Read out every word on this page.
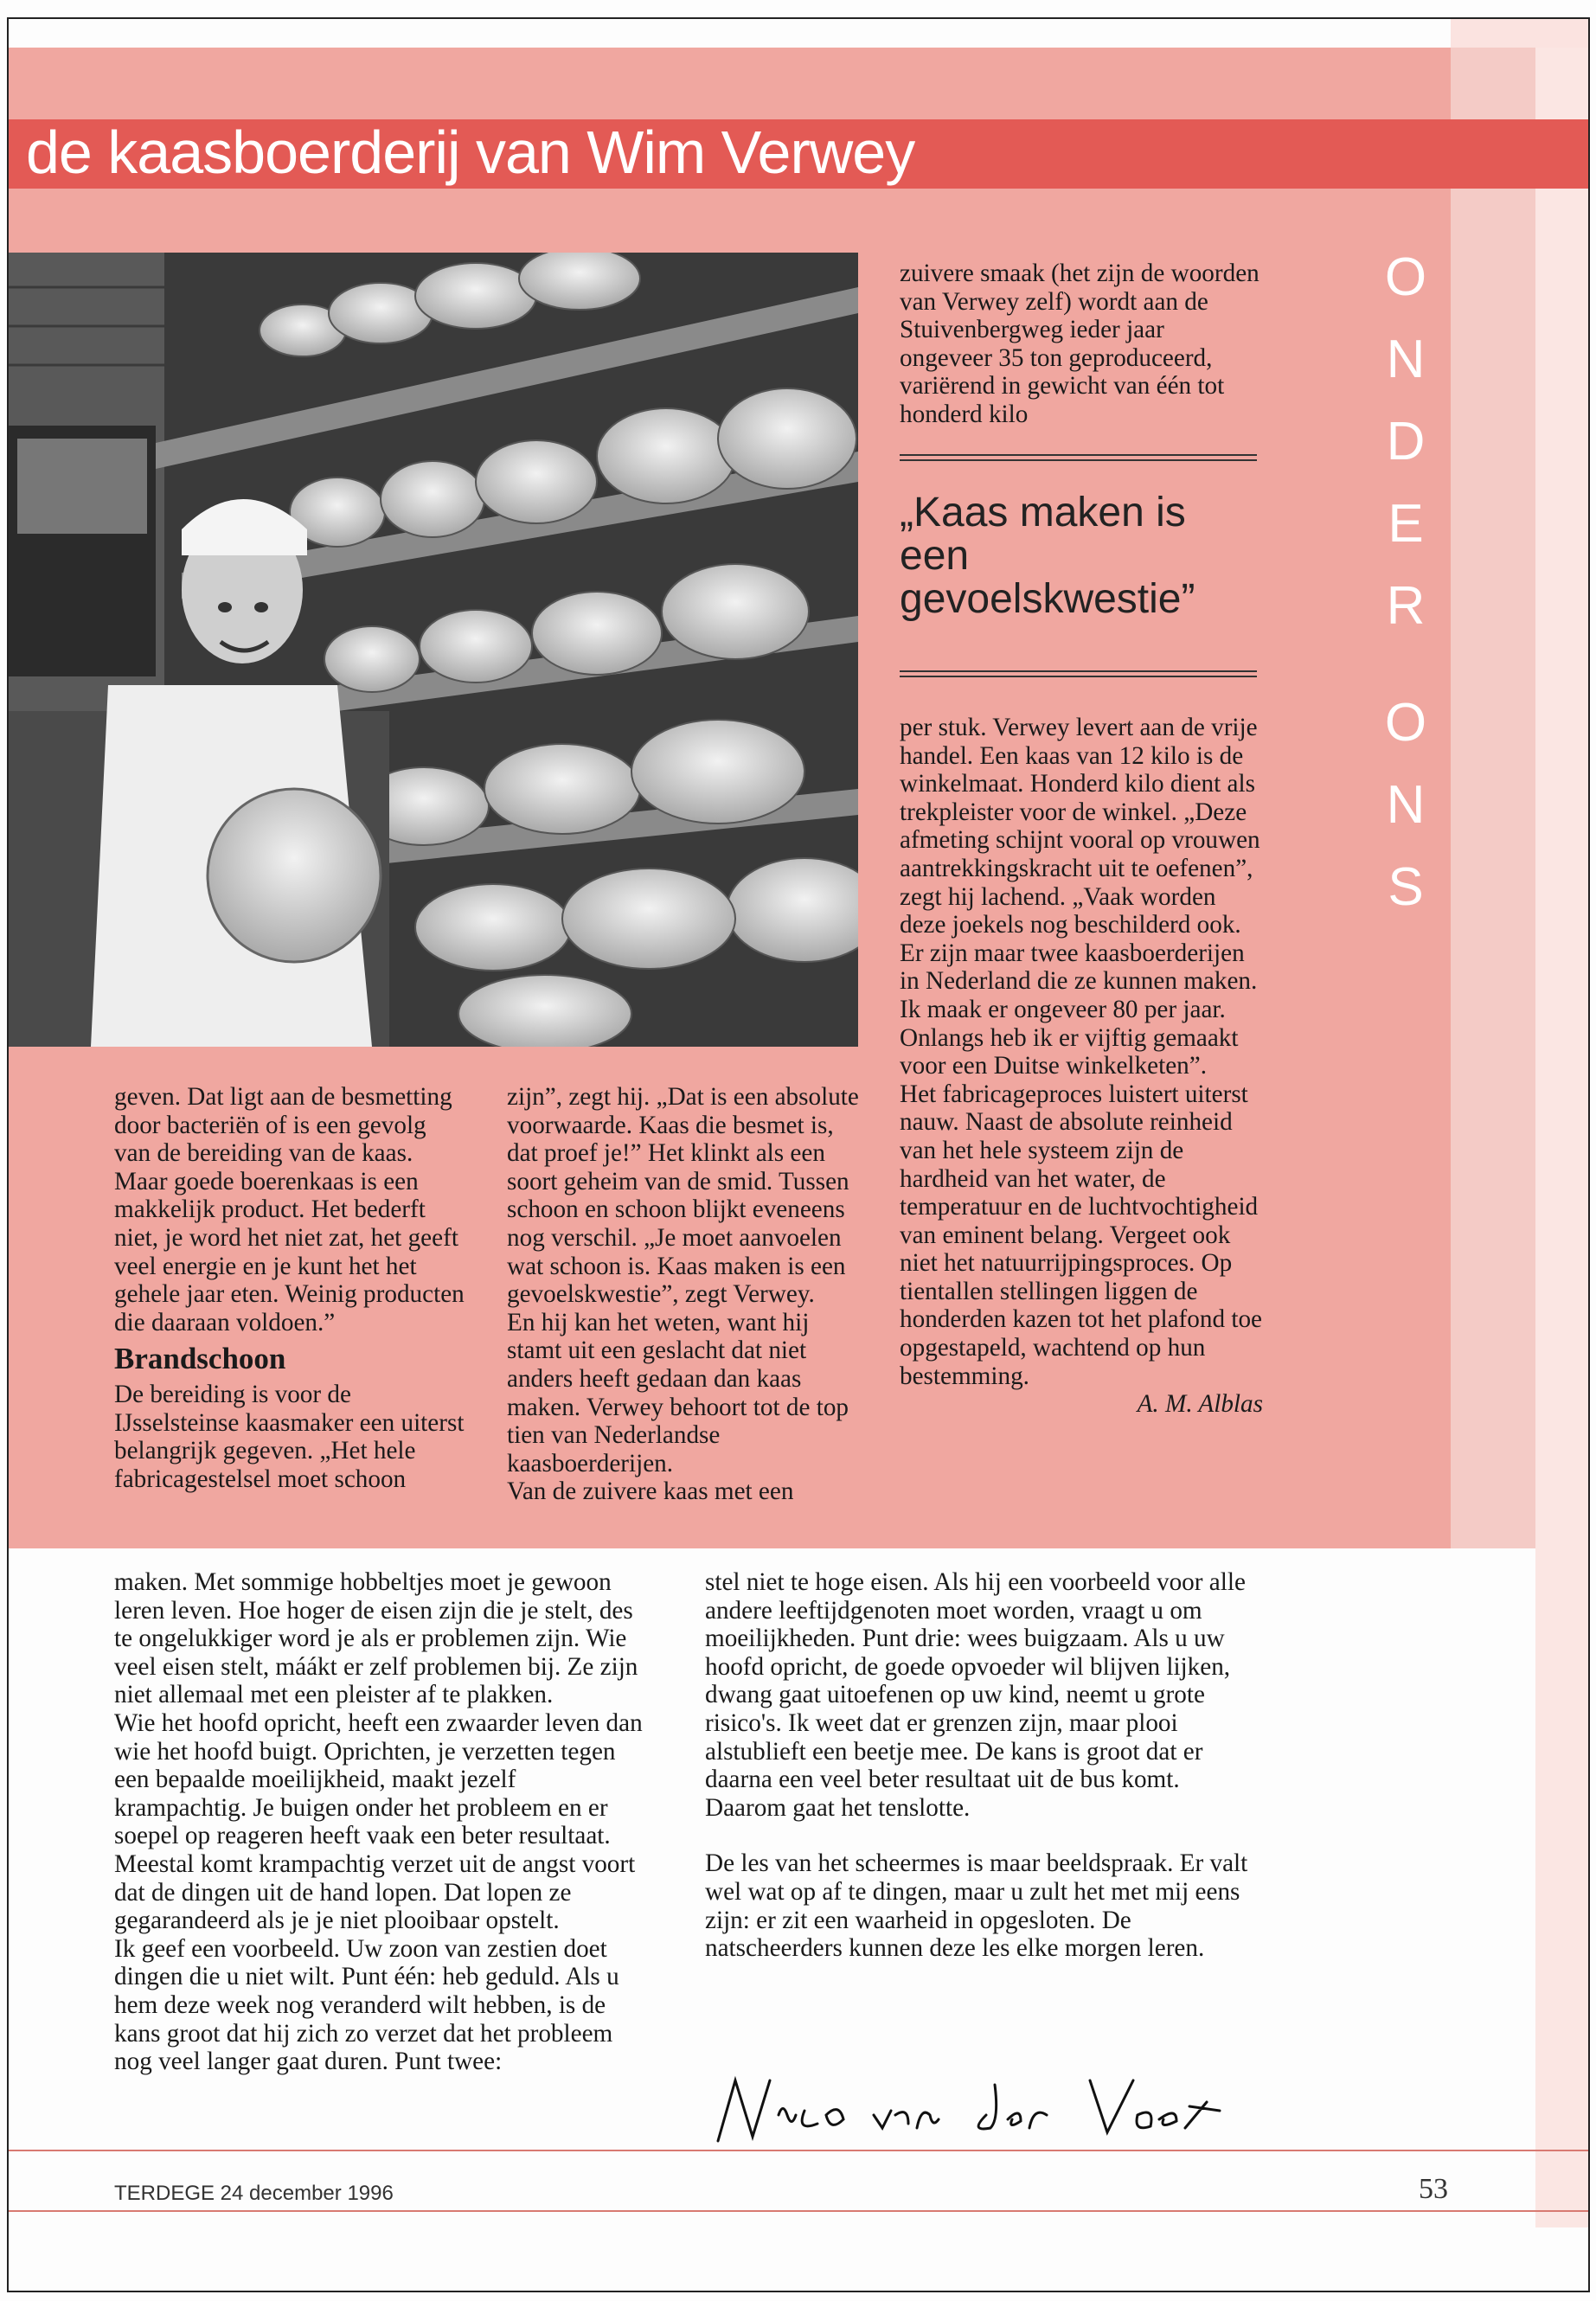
de kaasboerderij van Wim Verwey
O
N
D
E
R
O
N
S
zuivere smaak (het zijn de woorden van Verwey zelf) wordt aan de Stuivenbergweg ieder jaar ongeveer 35 ton geproduceerd, variërend in gewicht van één tot honderd kilo
„Kaas maken is een gevoelskwestie”

per stuk. Verwey levert aan de vrije handel. Een kaas van 12 kilo is de winkelmaat. Honderd kilo dient als trekpleister voor de winkel. „Deze afmeting schijnt vooral op vrouwen aantrekkingskracht uit te oefenen”, zegt hij lachend. „Vaak worden deze joekels nog beschilderd ook. Er zijn maar twee kaasboerderijen in Nederland die ze kunnen maken. Ik maak er ongeveer 80 per jaar. Onlangs heb ik er vijftig gemaakt voor een Duitse winkelketen”.

Het fabricageproces luistert uiterst nauw. Naast de absolute reinheid van het hele systeem zijn de hardheid van het water, de temperatuur en de luchtvochtigheid van eminent belang. Vergeet ook niet het natuurrijpingsproces. Op tientallen stellingen liggen de honderden kazen tot het plafond toe opgestapeld, wachtend op hun bestemming.

A. M. Alblas

geven. Dat ligt aan de besmetting door bacteriën of is een gevolg van de bereiding van de kaas. Maar goede boerenkaas is een makkelijk product. Het bederft niet, je word het niet zat, het geeft veel energie en je kunt het het gehele jaar eten. Weinig producten die daaraan voldoen.”

Brandschoon

De bereiding is voor de IJsselsteinse kaasmaker een uiterst belangrijk gegeven. „Het hele fabricagestelsel moet schoon

zijn”, zegt hij. „Dat is een absolute voorwaarde. Kaas die besmet is, dat proef je!” Het klinkt als een soort geheim van de smid. Tussen schoon en schoon blijkt eveneens nog verschil. „Je moet aanvoelen wat schoon is. Kaas maken is een gevoelskwestie”, zegt Verwey.

En hij kan het weten, want hij stamt uit een geslacht dat niet anders heeft gedaan dan kaas maken. Verwey behoort tot de top tien van Nederlandse kaasboerderijen.

Van de zuivere kaas met een

maken. Met sommige hobbeltjes moet je gewoon leren leven. Hoe hoger de eisen zijn die je stelt, des te ongelukkiger word je als er problemen zijn. Wie veel eisen stelt, máákt er zelf problemen bij. Ze zijn niet allemaal met een pleister af te plakken.

Wie het hoofd opricht, heeft een zwaarder leven dan wie het hoofd buigt. Oprichten, je verzetten tegen een bepaalde moeilijkheid, maakt jezelf krampachtig. Je buigen onder het probleem en er soepel op reageren heeft vaak een beter resultaat. Meestal komt krampachtig verzet uit de angst voort dat de dingen uit de hand lopen. Dat lopen ze gegarandeerd als je je niet plooibaar opstelt.

Ik geef een voorbeeld. Uw zoon van zestien doet dingen die u niet wilt. Punt één: heb geduld. Als u hem deze week nog veranderd wilt hebben, is de kans groot dat hij zich zo verzet dat het probleem nog veel langer gaat duren. Punt twee:

stel niet te hoge eisen. Als hij een voorbeeld voor alle andere leeftijdgenoten moet worden, vraagt u om moeilijkheden. Punt drie: wees buigzaam. Als u uw hoofd opricht, de goede opvoeder wil blijven lijken, dwang gaat uitoefenen op uw kind, neemt u grote risico's. Ik weet dat er grenzen zijn, maar plooi alstublieft een beetje mee. De kans is groot dat er daarna een veel beter resultaat uit de bus komt. Daarom gaat het tenslotte.

De les van het scheermes is maar beeldspraak. Er valt wel wat op af te dingen, maar u zult het met mij eens zijn: er zit een waarheid in opgesloten. De natscheerders kunnen deze les elke morgen leren.

TERDEGE 24 december 1996	53
